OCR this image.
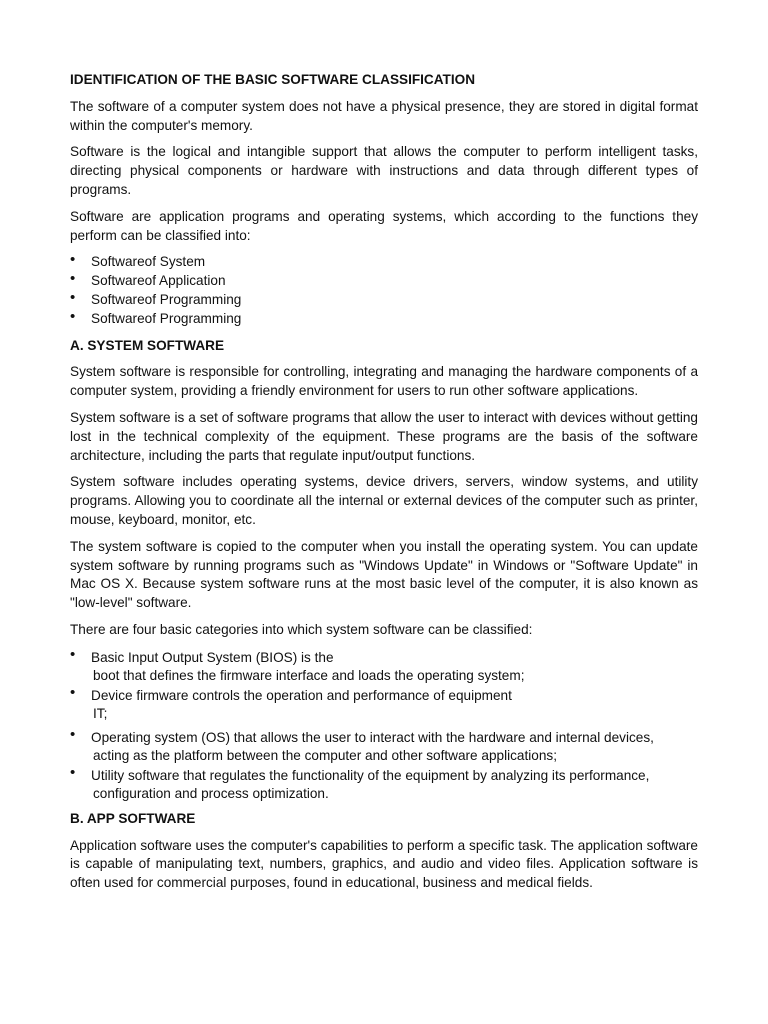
IDENTIFICATION OF THE BASIC SOFTWARE CLASSIFICATION

The software of a computer system does not have a physical presence, they are stored in digital format within the computer's memory.

Software is the logical and intangible support that allows the computer to perform intelligent tasks, directing physical components or hardware with instructions and data through different types of programs.

Software are application programs and operating systems, which according to the functions they perform can be classified into:

• Softwareof System
• Softwareof Application
• Softwareof Programming
• Softwareof Programming
A. SYSTEM SOFTWARE

System software is responsible for controlling, integrating and managing the hardware components of a computer system, providing a friendly environment for users to run other software applications.

System software is a set of software programs that allow the user to interact with devices without getting lost in the technical complexity of the equipment. These programs are the basis of the software architecture, including the parts that regulate input/output functions.

System software includes operating systems, device drivers, servers, window systems, and utility programs. Allowing you to coordinate all the internal or external devices of the computer such as printer, mouse, keyboard, monitor, etc.

The system software is copied to the computer when you install the operating system. You can update system software by running programs such as "Windows Update" in Windows or "Software Update" in Mac OS X. Because system software runs at the most basic level of the computer, it is also known as "low-level" software.

There are four basic categories into which system software can be classified:

• Basic Input Output System (BIOS) is the
boot that defines the firmware interface and loads the operating system;
• Device firmware controls the operation and performance of equipment
IT;
• Operating system (OS) that allows the user to interact with the hardware and internal devices,
acting as the platform between the computer and other software applications;
• Utility software that regulates the functionality of the equipment by analyzing its performance,
configuration and process optimization.
B. APP SOFTWARE

Application software uses the computer's capabilities to perform a specific task. The application software is capable of manipulating text, numbers, graphics, and audio and video files. Application software is often used for commercial purposes, found in educational, business and medical fields.
